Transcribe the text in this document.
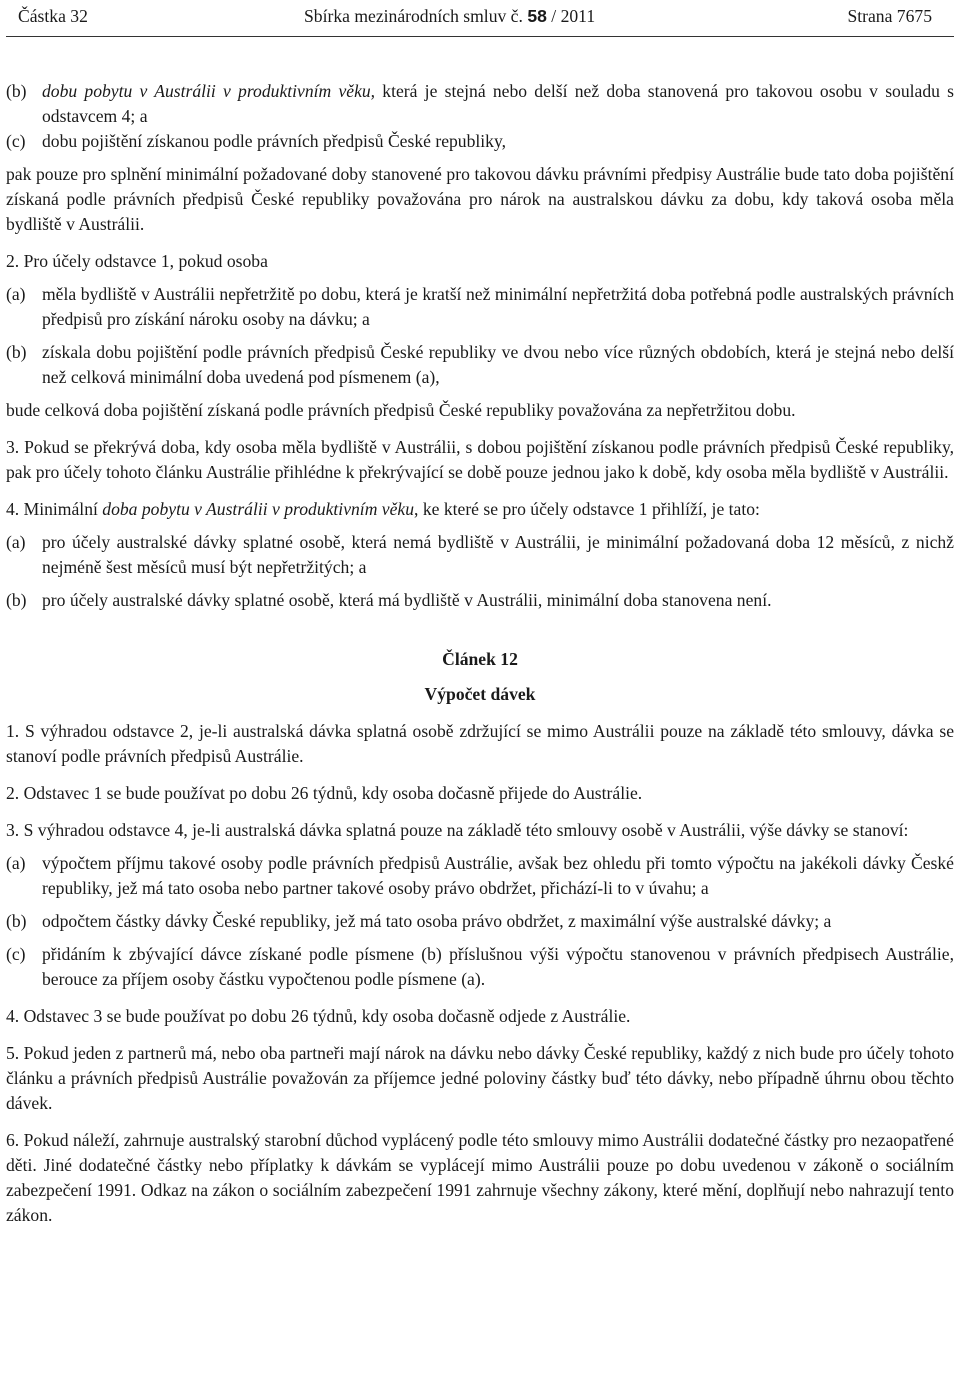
Částka 32	Sbírka mezinárodních smluv č. 58 / 2011	Strana 7675
(b) dobu pobytu v Austrálii v produktivním věku, která je stejná nebo delší než doba stanovená pro takovou osobu v souladu s odstavcem 4; a
(c) dobu pojištění získanou podle právních předpisů České republiky,

pak pouze pro splnění minimální požadované doby stanovené pro takovou dávku právními předpisy Austrálie bude tato doba pojištění získaná podle právních předpisů České republiky považována pro nárok na australskou dávku za dobu, kdy taková osoba měla bydliště v Austrálii.

2. Pro účely odstavce 1, pokud osoba

(a) měla bydliště v Austrálii nepřetržitě po dobu, která je kratší než minimální nepřetržitá doba potřebná podle australských právních předpisů pro získání nároku osoby na dávku; a
(b) získala dobu pojištění podle právních předpisů České republiky ve dvou nebo více různých obdobích, která je stejná nebo delší než celková minimální doba uvedená pod písmenem (a),

bude celková doba pojištění získaná podle právních předpisů České republiky považována za nepřetržitou dobu.

3. Pokud se překrývá doba, kdy osoba měla bydliště v Austrálii, s dobou pojištění získanou podle právních předpisů České republiky, pak pro účely tohoto článku Austrálie přihlédne k překrývající se době pouze jednou jako k době, kdy osoba měla bydliště v Austrálii.

4. Minimální doba pobytu v Austrálii v produktivním věku, ke které se pro účely odstavce 1 přihlíží, je tato:

(a) pro účely australské dávky splatné osobě, která nemá bydliště v Austrálii, je minimální požadovaná doba 12 měsíců, z nichž nejméně šest měsíců musí být nepřetržitých; a
(b) pro účely australské dávky splatné osobě, která má bydliště v Austrálii, minimální doba stanovena není.
Článek 12
Výpočet dávek

1. S výhradou odstavce 2, je-li australská dávka splatná osobě zdržující se mimo Austrálii pouze na základě této smlouvy, dávka se stanoví podle právních předpisů Austrálie.

2. Odstavec 1 se bude používat po dobu 26 týdnů, kdy osoba dočasně přijede do Austrálie.

3. S výhradou odstavce 4, je-li australská dávka splatná pouze na základě této smlouvy osobě v Austrálii, výše dávky se stanoví:

(a) výpočtem příjmu takové osoby podle právních předpisů Austrálie, avšak bez ohledu při tomto výpočtu na jakékoli dávky České republiky, jež má tato osoba nebo partner takové osoby právo obdržet, přichází-li to v úvahu; a
(b) odpočtem částky dávky České republiky, jež má tato osoba právo obdržet, z maximální výše australské dávky; a
(c) přidáním k zbývající dávce získané podle písmene (b) příslušnou výši výpočtu stanovenou v právních předpisech Austrálie, berouce za příjem osoby částku vypočtenou podle písmene (a).

4. Odstavec 3 se bude používat po dobu 26 týdnů, kdy osoba dočasně odjede z Austrálie.

5. Pokud jeden z partnerů má, nebo oba partneři mají nárok na dávku nebo dávky České republiky, každý z nich bude pro účely tohoto článku a právních předpisů Austrálie považován za příjemce jedné poloviny částky buď této dávky, nebo případně úhrnu obou těchto dávek.

6. Pokud náleží, zahrnuje australský starobní důchod vyplácený podle této smlouvy mimo Austrálii dodatečné částky pro nezaopatřené děti. Jiné dodatečné částky nebo příplatky k dávkám se vyplácejí mimo Austrálii pouze po dobu uvedenou v zákoně o sociálním zabezpečení 1991. Odkaz na zákon o sociálním zabezpečení 1991 zahrnuje všechny zákony, které mění, doplňují nebo nahrazují tento zákon.
